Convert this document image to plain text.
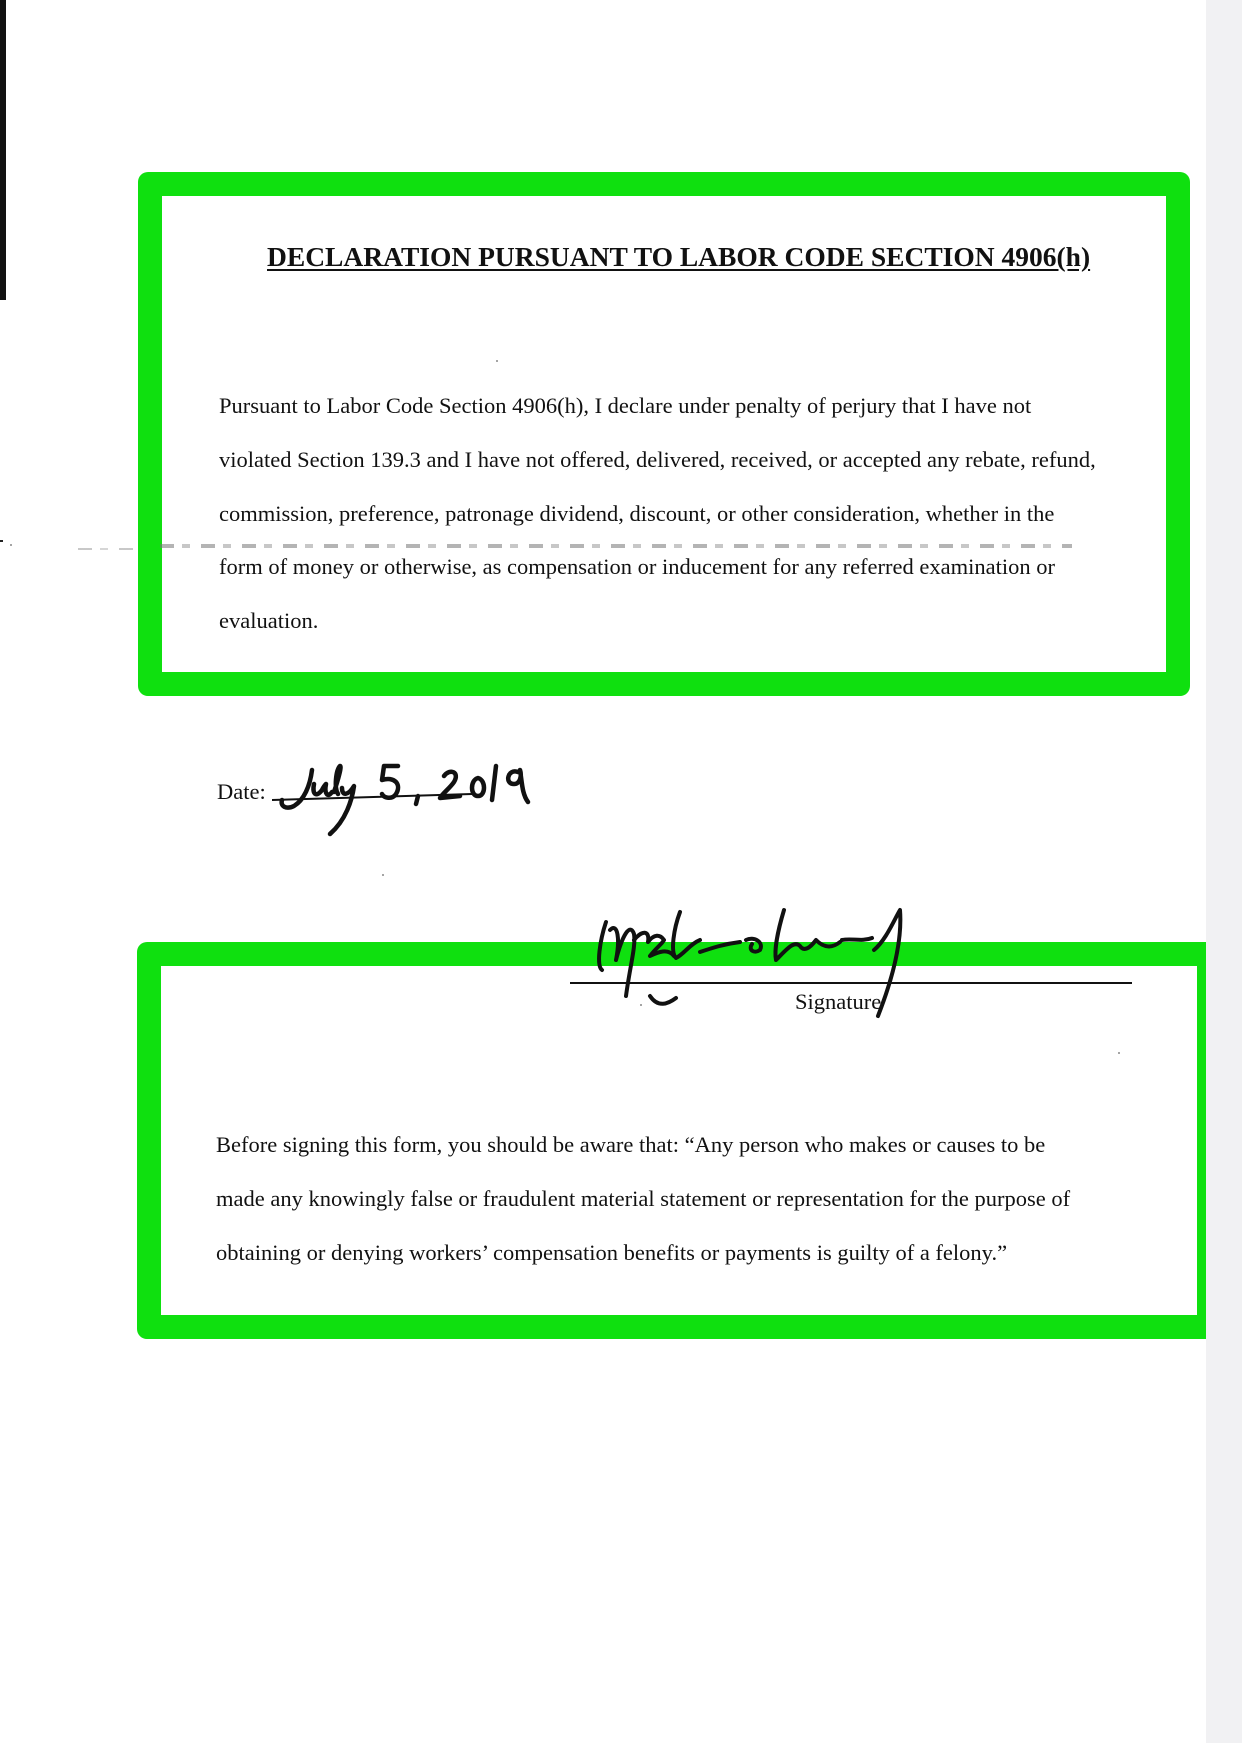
DECLARATION PURSUANT TO LABOR CODE SECTION 4906(h)
Pursuant to Labor Code Section 4906(h), I declare under penalty of perjury that I have not
violated Section 139.3 and I have not offered, delivered, received, or accepted any rebate, refund,
commission, preference, patronage dividend, discount, or other consideration, whether in the
form of money or otherwise, as compensation or inducement for any referred examination or
evaluation.
Date:
Signature
Before signing this form, you should be aware that: “Any person who makes or causes to be
made any knowingly false or fraudulent material statement or representation for the purpose of
obtaining or denying workers’ compensation benefits or payments is guilty of a felony.”
